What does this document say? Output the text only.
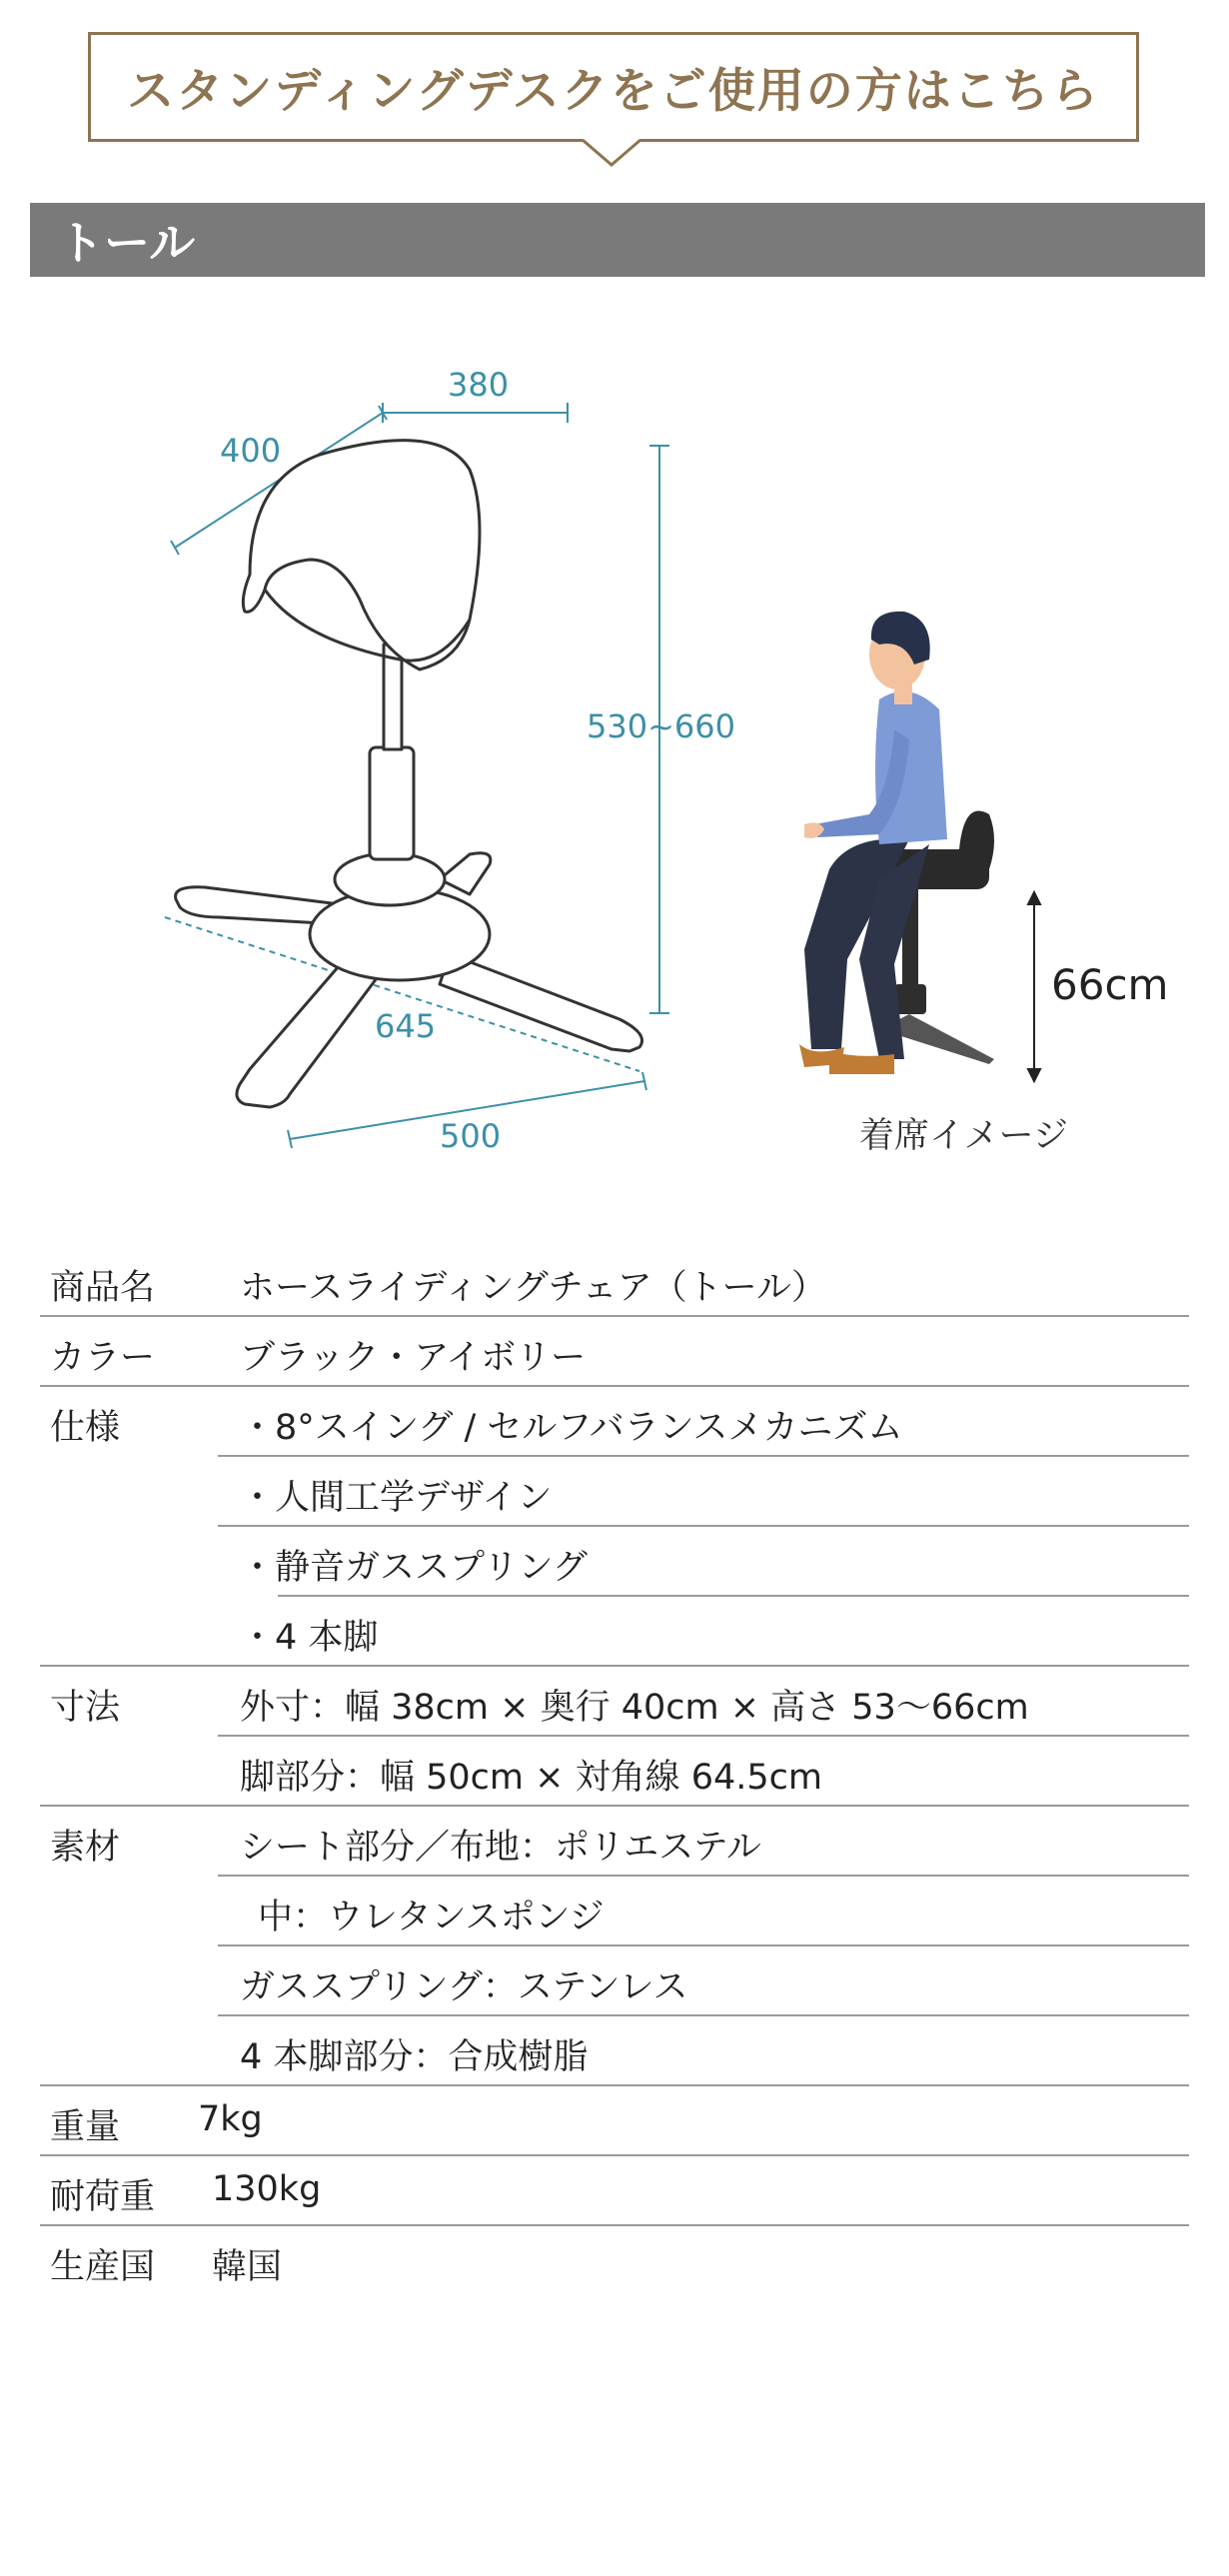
スタンディングデスクをご使用の方はこちら
トール
380
400
530~660
645
500
66cm
着席イメージ
商品名 ホースライディングチェア（トール）
カラー ブラック・アイボリー
仕様	・8°スイング / セルフバランスメカニズム
・人間工学デザイン
・静音ガススプリング
・4 本脚
寸法	外寸：幅 38cm × 奥行 40cm × 高さ 53〜66cm
脚部分：幅 50cm × 対角線 64.5cm
素材	シート部分／布地：ポリエステル
中：ウレタンスポンジ
ガススプリング：ステンレス
4 本脚部分：合成樹脂
重量 7kg
耐荷重 130kg
生産国 韓国
